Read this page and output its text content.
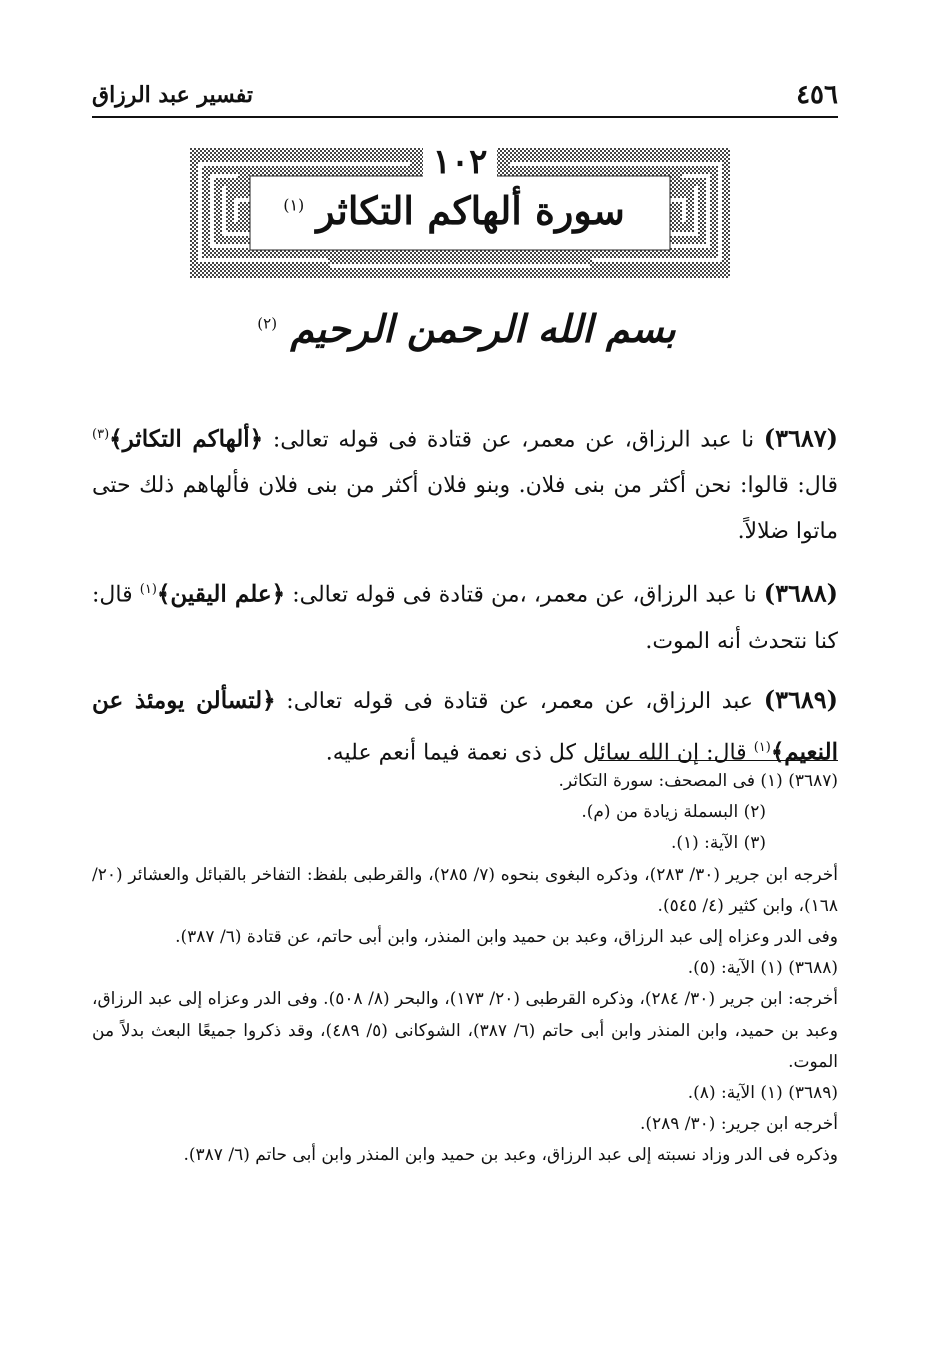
٤٥٦
تفسير عبد الرزاق
١٠٢
سورة ألهاكم التكاثر$^{(١)}$
بسم الله الرحمن الرحيم $^{(٢)}$

(٣٦٨٧) نا عبد الرزاق، عن معمر، عن قتادة فى قوله تعالى: ﴿ألهاكم التكاثر﴾$^{(٣)}$ قال: قالوا: نحن أكثر من بنى فلان. وبنو فلان أكثر من بنى فلان فألهاهم ذلك حتى ماتوا ضلالاً.

(٣٦٨٨) نا عبد الرزاق، عن معمر، ،من قتادة فى قوله تعالى: ﴿علم اليقين﴾$^{(١)}$ قال: كنا نتحدث أنه الموت.

(٣٦٨٩) عبد الرزاق، عن معمر، عن قتادة فى قوله تعالى: ﴿لتسألن يومئذ عن النعيم﴾$^{(١)}$ قال: إن الله سائل كل ذى نعمة فيما أنعم عليه.

(٣٦٨٧) (١) فى المصحف: سورة التكاثر.

(٢) البسملة زيادة من (م).

(٣) الآية: (١).

أخرجه ابن جرير (٣٠/ ٢٨٣)، وذكره البغوى بنحوه (٧/ ٢٨٥)، والقرطبى بلفظ: التفاخر بالقبائل والعشائر (٢٠/ ١٦٨)، وابن كثير (٤/ ٥٤٥).

وفى الدر وعزاه إلى عبد الرزاق، وعبد بن حميد وابن المنذر، وابن أبى حاتم، عن قتادة (٦/ ٣٨٧).

(٣٦٨٨) (١) الآية: (٥).

أخرجه: ابن جرير (٣٠/ ٢٨٤)، وذكره القرطبى (٢٠/ ١٧٣)، والبحر (٨/ ٥٠٨). وفى الدر وعزاه إلى عبد الرزاق، وعبد بن حميد، وابن المنذر وابن أبى حاتم (٦/ ٣٨٧)، الشوكانى (٥/ ٤٨٩)، وقد ذكروا جميعًا البعث بدلاً من الموت.

(٣٦٨٩) (١) الآية: (٨).

أخرجه ابن جرير: (٣٠/ ٢٨٩).

وذكره فى الدر وزاد نسبته إلى عبد الرزاق، وعبد بن حميد وابن المنذر وابن أبى حاتم (٦/ ٣٨٧).
